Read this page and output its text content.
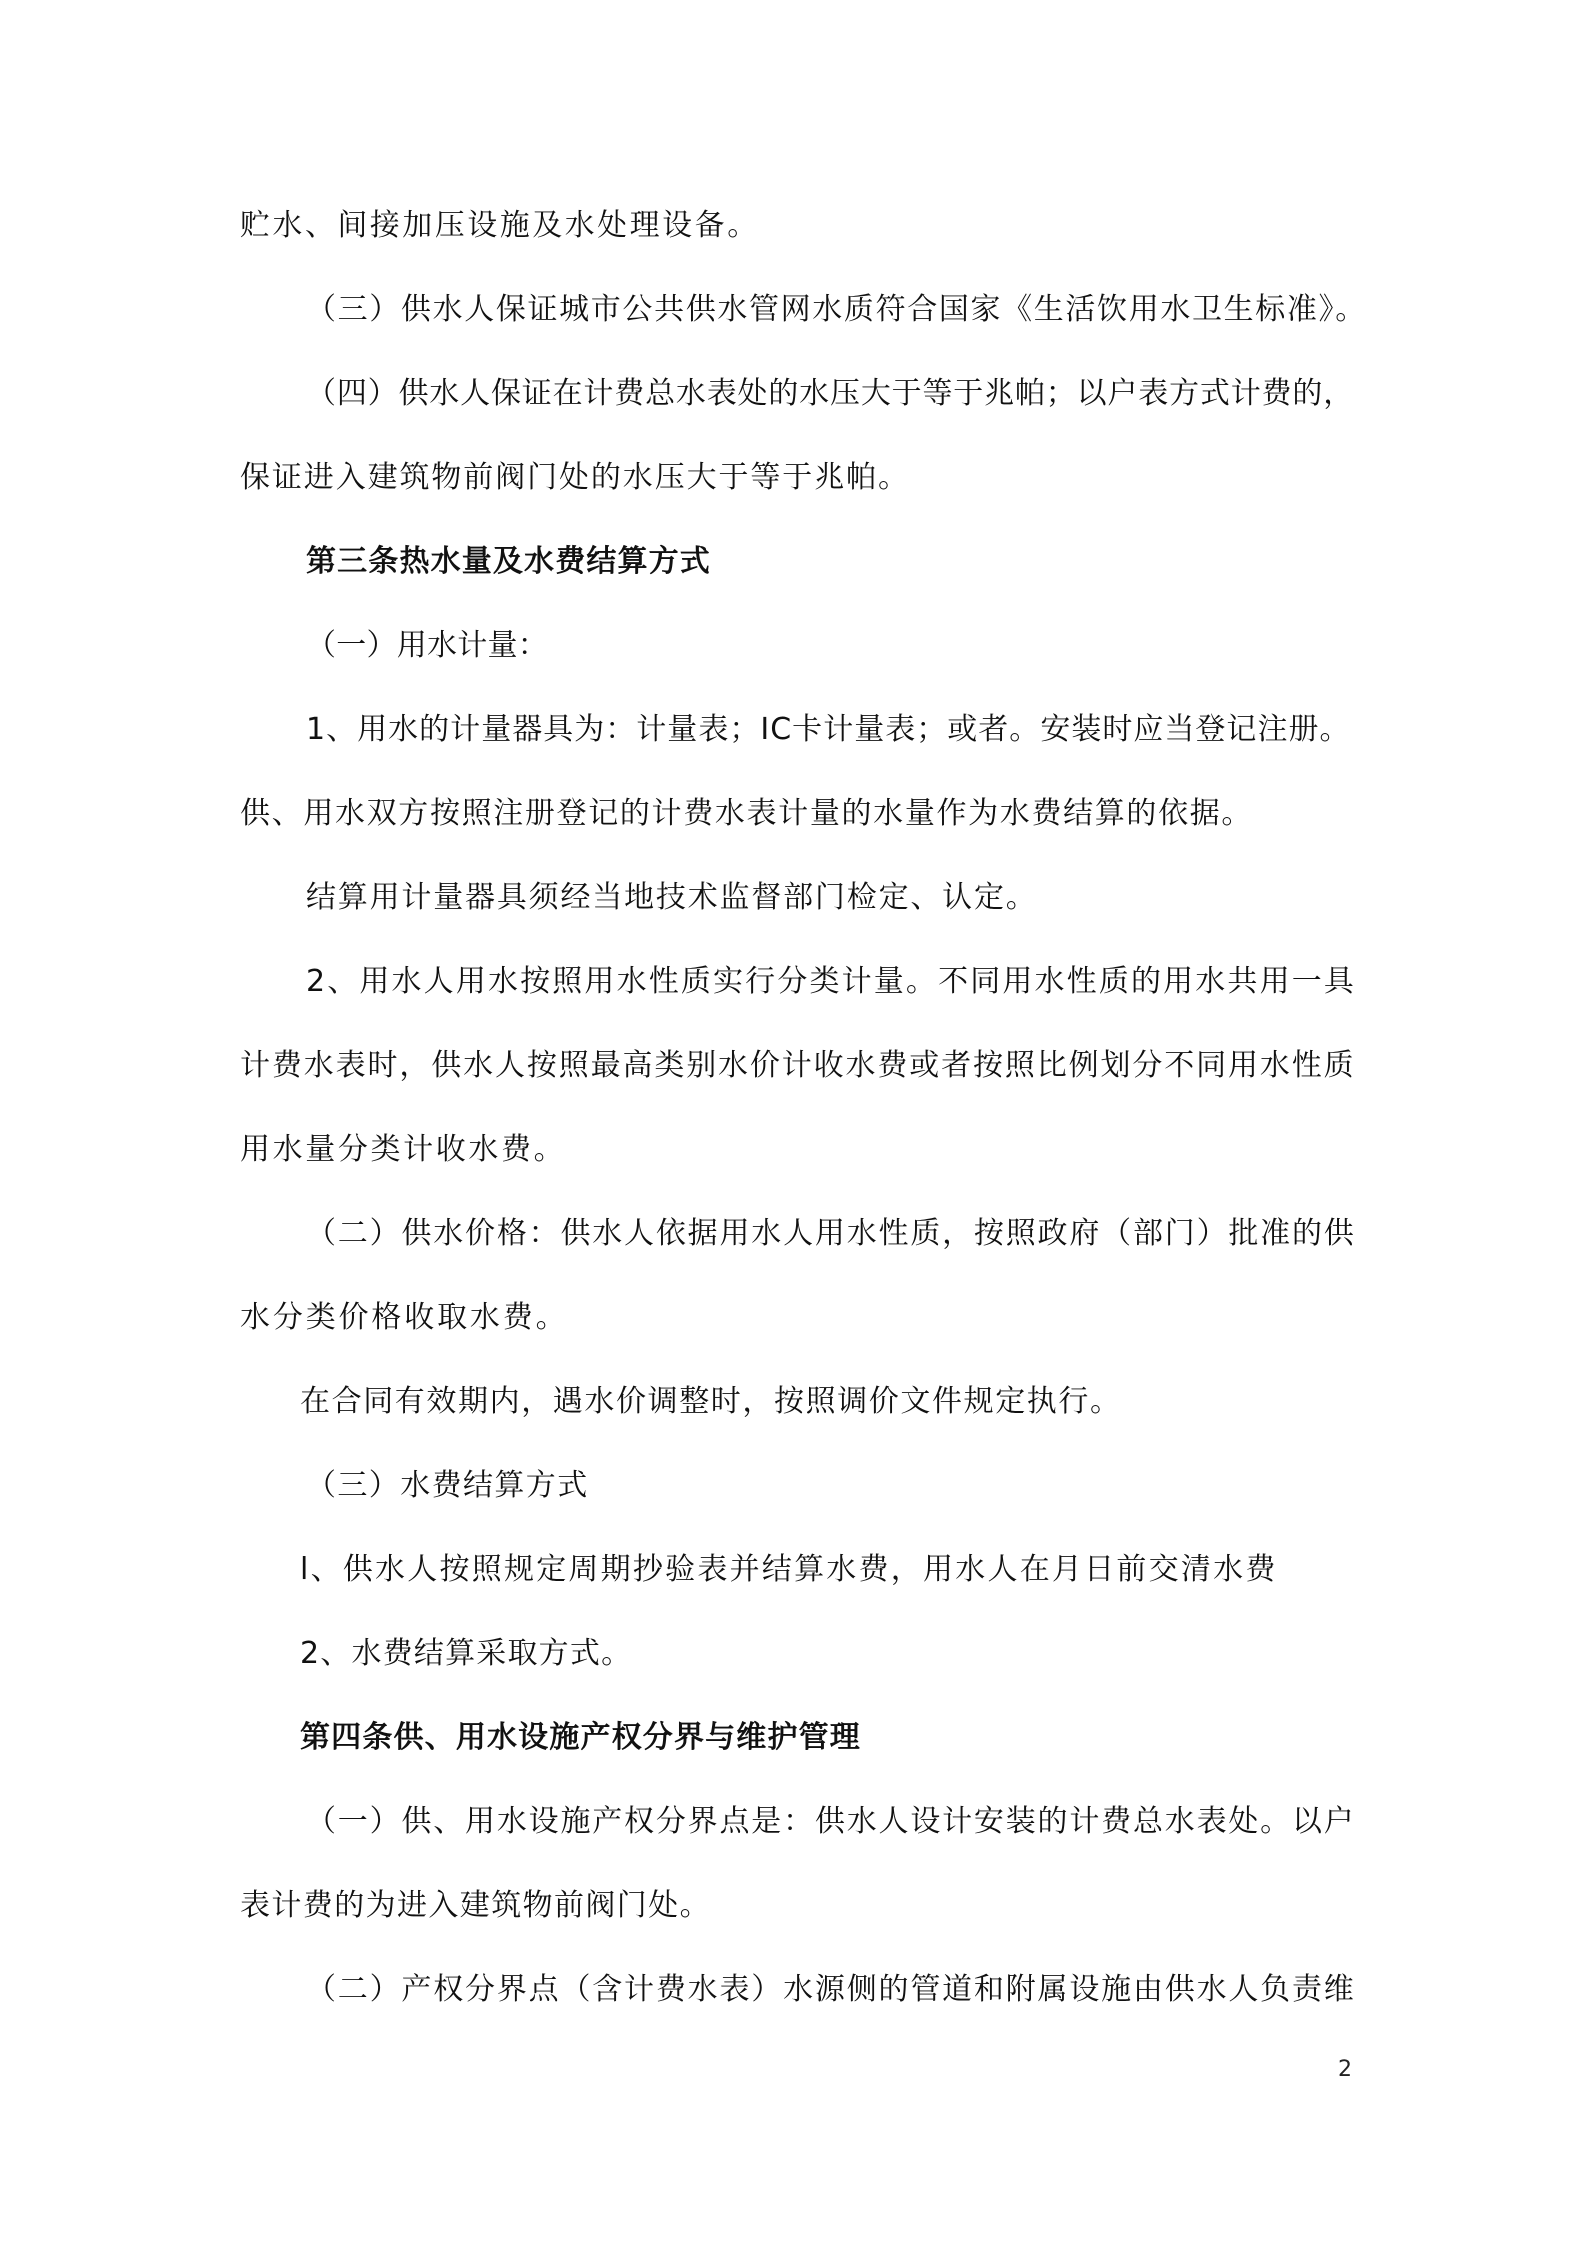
贮水、间接加压设施及水处理设备。
（三）供水人保证城市公共供水管网水质符合国家《生活饮用水卫生标准》。
（四）供水人保证在计费总水表处的水压大于等于兆帕；以户表方式计费的，
保证进入建筑物前阀门处的水压大于等于兆帕。
第三条热水量及水费结算方式
（一）用水计量：
1、用水的计量器具为：计量表；IC卡计量表；或者。安装时应当登记注册。
供、用水双方按照注册登记的计费水表计量的水量作为水费结算的依据。
结算用计量器具须经当地技术监督部门检定、认定。
2、用水人用水按照用水性质实行分类计量。不同用水性质的用水共用一具
计费水表时，供水人按照最高类别水价计收水费或者按照比例划分不同用水性质
用水量分类计收水费。
（二）供水价格：供水人依据用水人用水性质，按照政府（部门）批准的供
水分类价格收取水费。
在合同有效期内，遇水价调整时，按照调价文件规定执行。
（三）水费结算方式
l、供水人按照规定周期抄验表并结算水费，用水人在月日前交清水费
2、水费结算采取方式。
第四条供、用水设施产权分界与维护管理
（一）供、用水设施产权分界点是：供水人设计安装的计费总水表处。以户
表计费的为进入建筑物前阀门处。
（二）产权分界点（含计费水表）水源侧的管道和附属设施由供水人负责维
2
